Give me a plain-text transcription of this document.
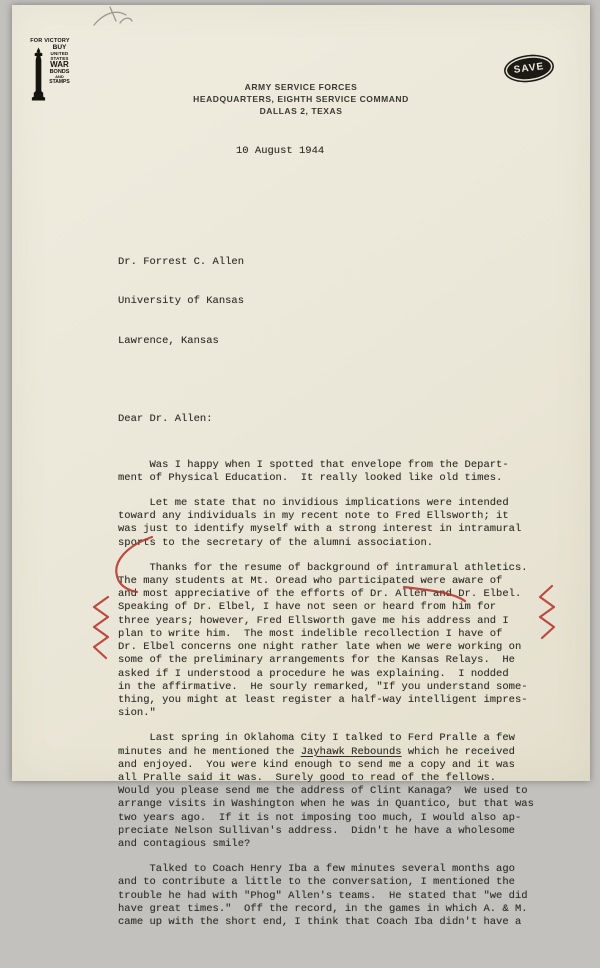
FOR VICTORY
BUY
UNITED
STATES
WAR
BONDS
AND
STAMPS
SAVE
ARMY SERVICE FORCES
HEADQUARTERS, EIGHTH SERVICE COMMAND
DALLAS 2, TEXAS
10 August 1944

Dr. Forrest C. Allen

University of Kansas

Lawrence, Kansas

Dear Dr. Allen:

Was I happy when I spotted that envelope from the Depart-
ment of Physical Education.  It really looked like old times.
Let me state that no invidious implications were intended
toward any individuals in my recent note to Fred Ellsworth; it
was just to identify myself with a strong interest in intramural
sports to the secretary of the alumni association.
Thanks for the resume of background of intramural athletics.
The many students at Mt. Oread who participated were aware of
and most appreciative of the efforts of Dr. Allen and Dr. Elbel.
Speaking of Dr. Elbel, I have not seen or heard from him for
three years; however, Fred Ellsworth gave me his address and I
plan to write him.  The most indelible recollection I have of
Dr. Elbel concerns one night rather late when we were working on
some of the preliminary arrangements for the Kansas Relays.  He
asked if I understood a procedure he was explaining.  I nodded
in the affirmative.  He sourly remarked, "If you understand some-
thing, you might at least register a half-way intelligent impres-
sion."
Last spring in Oklahoma City I talked to Ferd Pralle a few
minutes and he mentioned the Jayhawk Rebounds which he received
and enjoyed.  You were kind enough to send me a copy and it was
all Pralle said it was.  Surely good to read of the fellows.
Would you please send me the address of Clint Kanaga?  We used to
arrange visits in Washington when he was in Quantico, but that was
two years ago.  If it is not imposing too much, I would also ap-
preciate Nelson Sullivan's address.  Didn't he have a wholesome
and contagious smile?
Talked to Coach Henry Iba a few minutes several months ago
and to contribute a little to the conversation, I mentioned the
trouble he had with "Phog" Allen's teams.  He stated that "we did
have great times."  Off the record, in the games in which A. & M.
came up with the short end, I think that Coach Iba didn't have a
